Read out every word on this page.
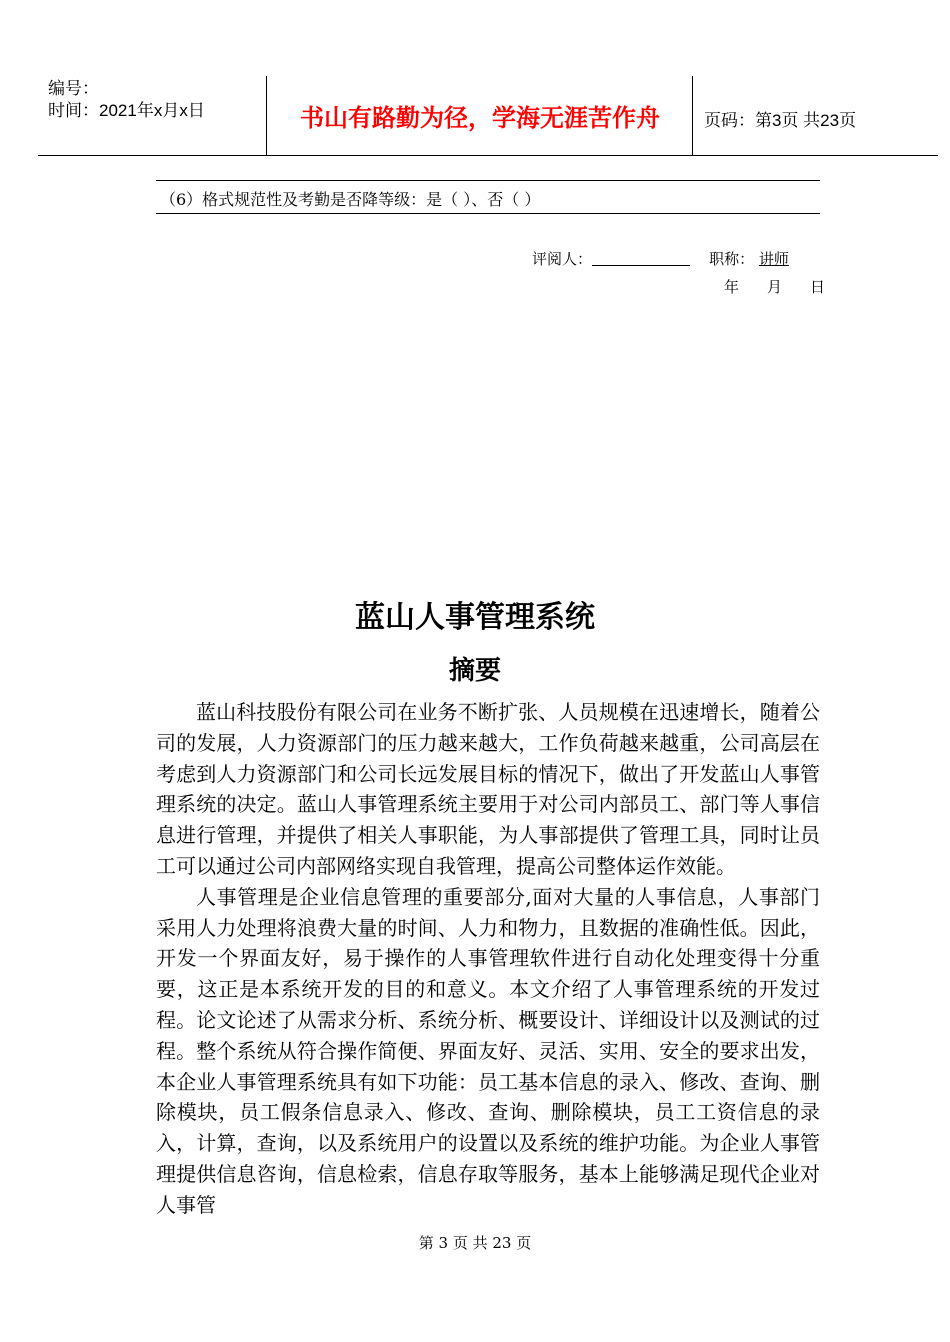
编号：
时间：2021年x月x日	书山有路勤为径，学海无涯苦作舟	页码：第3页 共23页
（6）格式规范性及考勤是否降等级：是（ ）、否（ ）
评阅人：	职称： 讲师
年 月 日
蓝山人事管理系统
摘要

蓝山科技股份有限公司在业务不断扩张、人员规模在迅速增长，随着公司的发展，人力资源部门的压力越来越大，工作负荷越来越重，公司高层在考虑到人力资源部门和公司长远发展目标的情况下，做出了开发蓝山人事管理系统的决定。蓝山人事管理系统主要用于对公司内部员工、部门等人事信息进行管理，并提供了相关人事职能，为人事部提供了管理工具，同时让员工可以通过公司内部网络实现自我管理，提高公司整体运作效能。

人事管理是企业信息管理的重要部分,面对大量的人事信息，人事部门采用人力处理将浪费大量的时间、人力和物力，且数据的准确性低。因此，开发一个界面友好，易于操作的人事管理软件进行自动化处理变得十分重要，这正是本系统开发的目的和意义。本文介绍了人事管理系统的开发过程。论文论述了从需求分析、系统分析、概要设计、详细设计以及测试的过程。整个系统从符合操作简便、界面友好、灵活、实用、安全的要求出发，本企业人事管理系统具有如下功能：员工基本信息的录入、修改、查询、删除模块，员工假条信息录入、修改、查询、删除模块，员工工资信息的录入，计算，查询，以及系统用户的设置以及系统的维护功能。为企业人事管理提供信息咨询，信息检索，信息存取等服务，基本上能够满足现代企业对人事管

第 3 页 共 23 页
